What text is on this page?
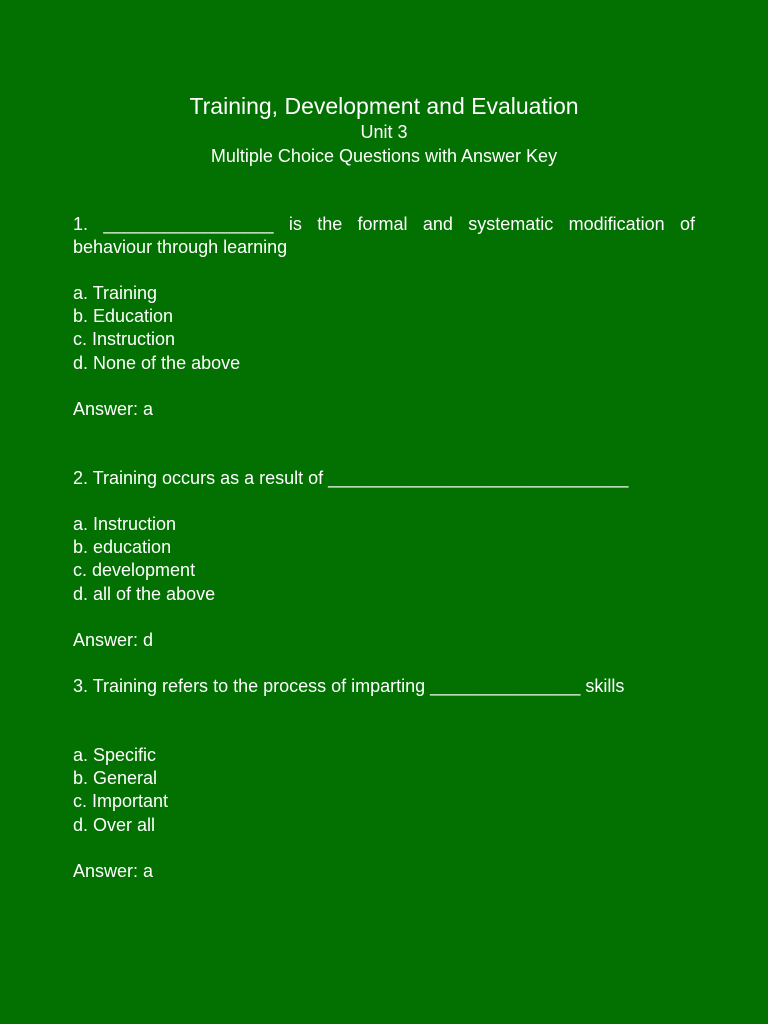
Training, Development and Evaluation
Unit 3
Multiple Choice Questions with Answer Key
1. _________________ is the formal and systematic modification of behaviour through learning
a. Training
b. Education
c. Instruction
d. None of the above
Answer: a
2. Training occurs as a result of ______________________________
a. Instruction
b. education
c. development
d. all of the above
Answer: d
3. Training refers to the process of imparting _______________ skills
a. Specific
b. General
c. Important
d. Over all
Answer: a
